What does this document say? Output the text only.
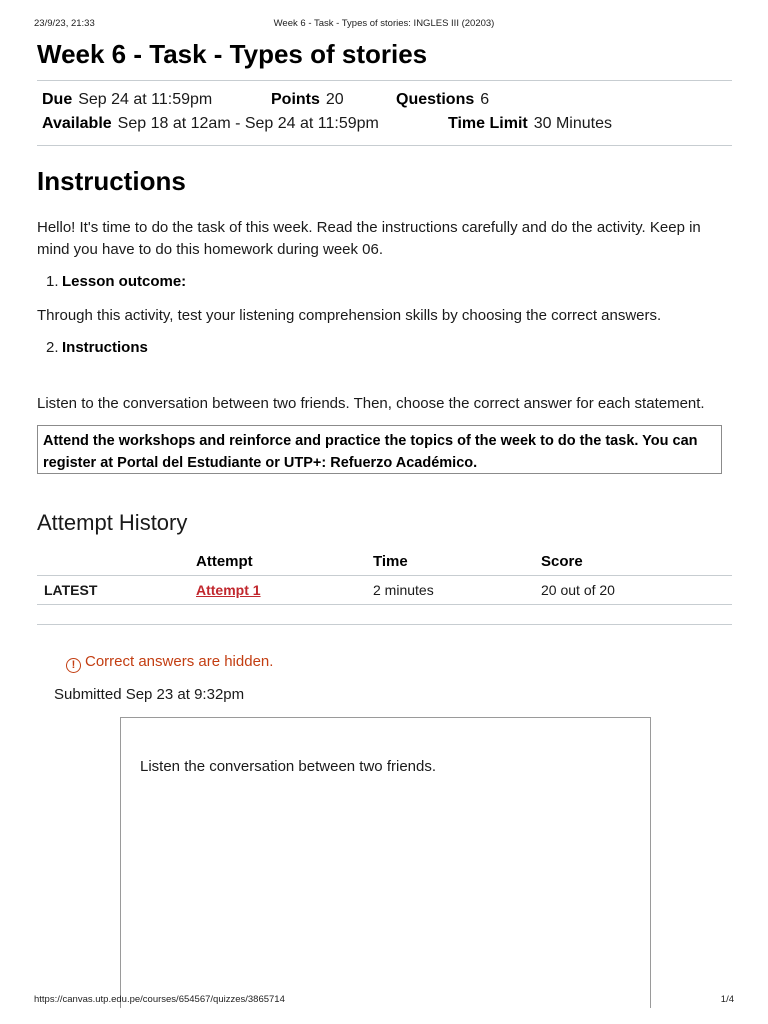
23/9/23, 21:33	Week 6 - Task - Types of stories: INGLES III (20203)
Week 6 - Task - Types of stories
Due Sep 24 at 11:59pm	Points 20	Questions 6
Available Sep 18 at 12am - Sep 24 at 11:59pm	Time Limit 30 Minutes
Instructions

Hello! It's time to do the task of this week. Read the instructions carefully and do the activity. Keep in mind you have to do this homework during week 06.

1. Lesson outcome:

Through this activity, test your listening comprehension skills by choosing the correct answers.

2. Instructions

Listen to the conversation between two friends. Then, choose the correct answer for each statement.

Attend the workshops and reinforce and practice the topics of the week to do the task. You can register at Portal del Estudiante or UTP+: Refuerzo Académico.
Attempt History
	Attempt	Time	Score
LATEST	Attempt 1	2 minutes	20 out of 20
! Correct answers are hidden.
Submitted Sep 23 at 9:32pm
Listen the conversation between two friends.
https://canvas.utp.edu.pe/courses/654567/quizzes/3865714	1/4
